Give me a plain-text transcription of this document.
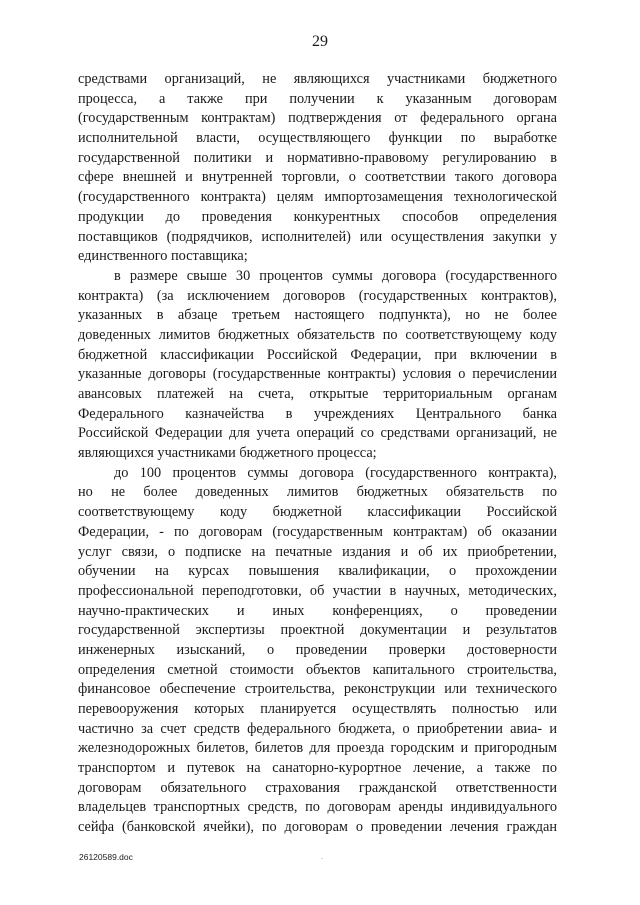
29
средствами организаций, не являющихся участниками бюджетного
процесса, а также при получении к указанным договорам
(государственным контрактам) подтверждения от федерального органа
исполнительной власти, осуществляющего функции по выработке
государственной политики и нормативно-правовому регулированию в
сфере внешней и внутренней торговли, о соответствии такого договора
(государственного контракта) целям импортозамещения технологической
продукции до проведения конкурентных способов определения
поставщиков (подрядчиков, исполнителей) или осуществления закупки у
единственного поставщика;
в размере свыше 30 процентов суммы договора (государственного
контракта) (за исключением договоров (государственных контрактов),
указанных в абзаце третьем настоящего подпункта), но не более
доведенных лимитов бюджетных обязательств по соответствующему коду
бюджетной классификации Российской Федерации, при включении в
указанные договоры (государственные контракты) условия о перечислении
авансовых платежей на счета, открытые территориальным органам
Федерального казначейства в учреждениях Центрального банка
Российской Федерации для учета операций со средствами организаций, не
являющихся участниками бюджетного процесса;
до 100 процентов суммы договора (государственного контракта),
но не более доведенных лимитов бюджетных обязательств по
соответствующему коду бюджетной классификации Российской
Федерации, - по договорам (государственным контрактам) об оказании
услуг связи, о подписке на печатные издания и об их приобретении,
обучении на курсах повышения квалификации, о прохождении
профессиональной переподготовки, об участии в научных, методических,
научно-практических и иных конференциях, о проведении
государственной экспертизы проектной документации и результатов
инженерных изысканий, о проведении проверки достоверности
определения сметной стоимости объектов капитального строительства,
финансовое обеспечение строительства, реконструкции или технического
перевооружения которых планируется осуществлять полностью или
частично за счет средств федерального бюджета, о приобретении авиа- и
железнодорожных билетов, билетов для проезда городским и пригородным
транспортом и путевок на санаторно-курортное лечение, а также по
договорам обязательного страхования гражданской ответственности
владельцев транспортных средств, по договорам аренды индивидуального
сейфа (банковской ячейки), по договорам о проведении лечения граждан
26120589.doc	.
